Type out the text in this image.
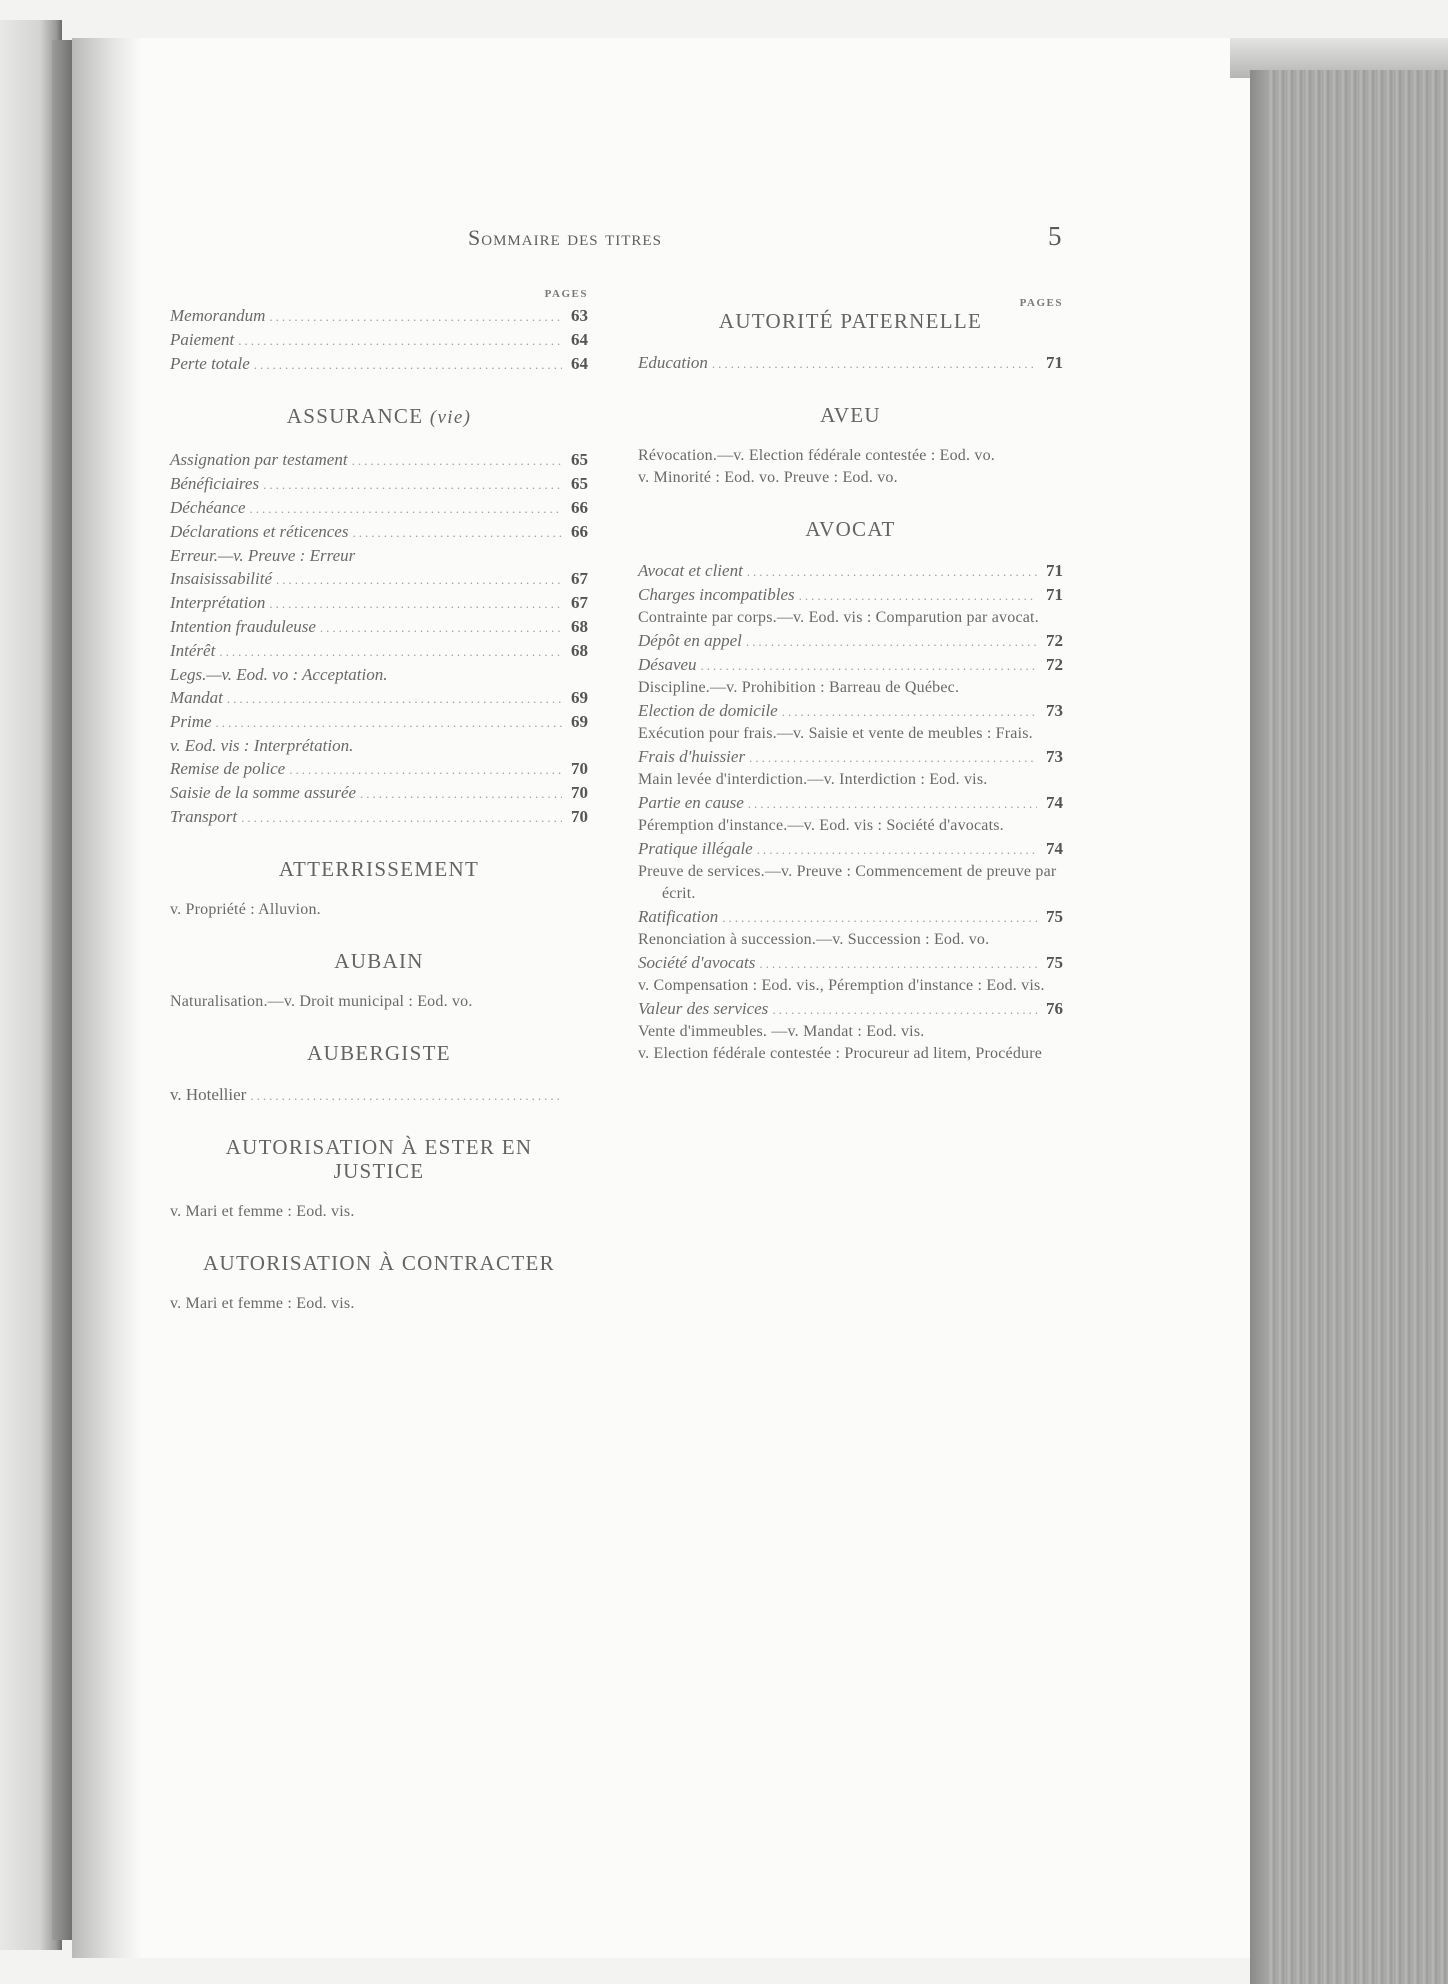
Sommaire des titres	5
PAGES
Memorandum .....	63
Paiement .....	64
Perte totale .....	64
ASSURANCE (vie)
Assignation par testament .....	65
Bénéficiaires .....	65
Déchéance .....	66
Déclarations et réticences .....	66
Erreur.—v. Preuve : Erreur
Insaisissabilité .....	67
Interprétation .....	67
Intention frauduleuse .....	68
Intérêt .....	68
Legs.—v. Eod. vo : Acceptation.
Mandat .....	69
Prime .....	69
v. Eod. vis : Interprétation.
Remise de police .....	70
Saisie de la somme assurée .....	70
Transport .....	70
ATTERRISSEMENT
v. Propriété : Alluvion.
AUBAIN
Naturalisation.—v. Droit municipal : Eod. vo.
AUBERGISTE
v. Hotellier
.....
AUTORISATION À ESTER EN
JUSTICE
v. Mari et femme : Eod. vis.
AUTORISATION À CONTRACTER
v. Mari et femme : Eod. vis.
PAGES
AUTORITÉ PATERNELLE
Education .....	71
AVEU
Révocation.—v. Election fédérale contestée : Eod. vo.
v. Minorité : Eod. vo. Preuve : Eod. vo.
AVOCAT
Avocat et client .....	71
Charges incompatibles .....	71
Contrainte par corps.—v. Eod. vis : Comparution par avocat.
Dépôt en appel .....	72
Désaveu .....	72
Discipline.—v. Prohibition : Barreau de Québec.
Election de domicile .....	73
Exécution pour frais.—v. Saisie et vente de meubles : Frais.
Frais d'huissier .....	73
Main levée d'interdiction.—v. Interdiction : Eod. vis.
Partie en cause .....	74
Péremption d'instance.—v. Eod. vis : Société d'avocats.
Pratique illégale .....	74
Preuve de services.—v. Preuve : Commencement de preuve par écrit.
Ratification .....	75
Renonciation à succession.—v. Succession : Eod. vo.
Société d'avocats .....	75
v. Compensation : Eod. vis., Péremption d'instance : Eod. vis.
Valeur des services .....	76
Vente d'immeubles. —v. Mandat : Eod. vis.
v. Election fédérale contestée : Procureur ad litem, Procédure
